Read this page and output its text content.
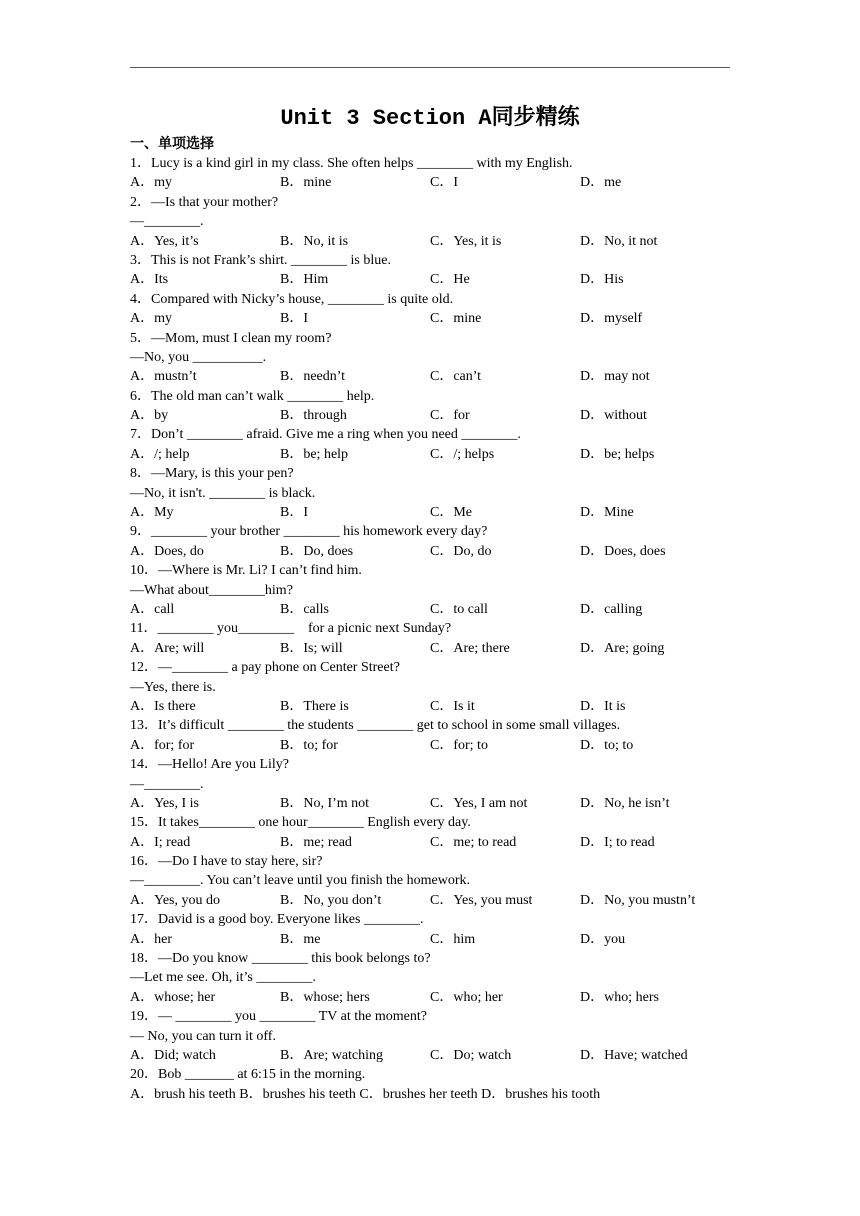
Unit 3 Section A同步精练
一、单项选择
1．Lucy is a kind girl in my class. She often helps ________ with my English.
A．my	B．mine	C．I	D．me
2．—Is that your mother?
—________.
A．Yes, it’s	B．No, it is	C．Yes, it is	D．No, it not
3．This is not Frank’s shirt. ________ is blue.
A．Its	B．Him	C．He	D．His
4．Compared with Nicky’s house, ________ is quite old.
A．my	B．I	C．mine	D．myself
5．—Mom, must I clean my room?
—No, you __________.
A．mustn’t	B．needn’t	C．can’t	D．may not
6．The old man can’t walk ________ help.
A．by	B．through	C．for	D．without
7．Don’t ________ afraid. Give me a ring when you need ________.
A．/; help	B．be; help	C．/; helps	D．be; helps
8．—Mary, is this your pen?
—No, it isn't. ________ is black.
A．My	B．I	C．Me	D．Mine
9．________ your brother ________ his homework every day?
A．Does, do	B．Do, does	C．Do, do	D．Does, does
10．—Where is Mr. Li? I can’t find him.
—What about________him?
A．call	B．calls	C．to call	D．calling
11．________ you________　for a picnic next Sunday?
A．Are; will	B．Is; will	C．Are; there	D．Are; going
12．—________ a pay phone on Center Street?
—Yes, there is.
A．Is there	B．There is	C．Is it	D．It is
13．It’s difficult ________ the students ________ get to school in some small villages.
A．for; for	B．to; for	C．for; to	D．to; to
14．—Hello! Are you Lily?
—________.
A．Yes, I is	B．No, I’m not	C．Yes, I am not	D．No, he isn’t
15．It takes________ one hour________ English every day.
A．I; read	B．me; read	C．me; to read	D．I; to read
16．—Do I have to stay here, sir?
—________. You can’t leave until you finish the homework.
A．Yes, you do	B．No, you don’t	C．Yes, you must	D．No, you mustn’t
17．David is a good boy. Everyone likes ________.
A．her	B．me	C．him	D．you
18．—Do you know ________ this book belongs to?
—Let me see. Oh, it’s ________.
A．whose; her	B．whose; hers	C．who; her	D．who; hers
19．— ________ you ________ TV at the moment?
— No, you can turn it off.
A．Did; watch	B．Are; watching	C．Do; watch	D．Have; watched
20．Bob _______ at 6:15 in the morning.
A．brush his teeth B．brushes his teeth C．brushes her teeth D．brushes his tooth
